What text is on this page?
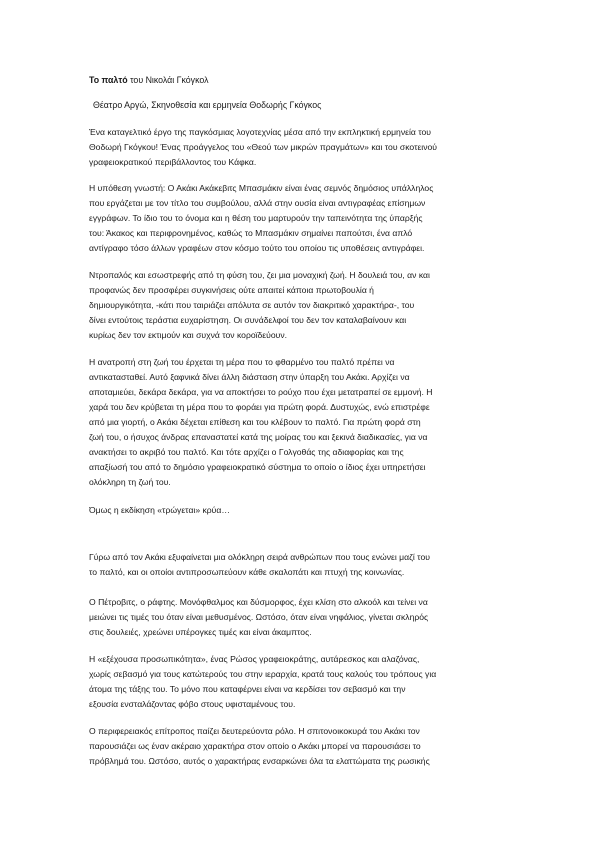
Το παλτό του Νικολάι Γκόγκολ

Θέατρο Αργώ, Σκηνοθεσία και ερμηνεία Θοδωρής Γκόγκος

Ένα καταγελτικό έργο της παγκόσμιας λογοτεχνίας μέσα από την εκπληκτική ερμηνεία του
Θοδωρή Γκόγκου! Ένας προάγγελος του «Θεού των μικρών πραγμάτων» και του σκοτεινού
γραφειοκρατικού περιβάλλοντος του Κάφκα.
Η υπόθεση γνωστή: Ο Ακάκι Ακάκεβιτς Μπασμάκιν είναι ένας σεμνός δημόσιος υπάλληλος
που εργάζεται με τον τίτλο του συμβούλου, αλλά στην ουσία είναι αντιγραφέας επίσημων
εγγράφων. Το ίδιο του το όνομα και η θέση του μαρτυρούν την ταπεινότητα της ύπαρξής
του: Άκακος και περιφρονημένος, καθώς το Μπασμάκιν σημαίνει παπούτσι, ένα απλό
αντίγραφο τόσο άλλων γραφέων στον κόσμο τούτο του οποίου τις υποθέσεις αντιγράφει.
Ντροπαλός και εσωστρεφής από τη φύση του, ζει μια μοναχική ζωή. Η δουλειά του, αν και
προφανώς δεν προσφέρει συγκινήσεις ούτε απαιτεί κάποια πρωτοβουλία ή
δημιουργικότητα, -κάτι που ταιριάζει απόλυτα σε αυτόν τον διακριτικό χαρακτήρα-, του
δίνει εντούτοις τεράστια ευχαρίστηση. Οι συνάδελφοί του δεν τον καταλαβαίνουν και
κυρίως δεν τον εκτιμούν και συχνά τον κοροϊδεύουν.
Η ανατροπή στη ζωή του έρχεται τη μέρα που το φθαρμένο του παλτό πρέπει να
αντικατασταθεί. Αυτό ξαφνικά δίνει άλλη διάσταση στην ύπαρξη του Ακάκι. Αρχίζει να
αποταμιεύει, δεκάρα δεκάρα, για να αποκτήσει το ρούχο που έχει μετατραπεί σε εμμονή. Η
χαρά του δεν κρύβεται τη μέρα που το φοράει για πρώτη φορά. Δυστυχώς, ενώ επιστρέφε
από μια γιορτή, ο Ακάκι δέχεται επίθεση και του κλέβουν το παλτό. Για πρώτη φορά στη
ζωή του, ο ήσυχος άνδρας επαναστατεί κατά της μοίρας του και ξεκινά διαδικασίες, για να
ανακτήσει το ακριβό του παλτό. Και τότε αρχίζει ο Γολγοθάς της αδιαφορίας και της
απαξίωσή του από το δημόσιο γραφειοκρατικό σύστημα το οποίο ο ίδιος έχει υπηρετήσει
ολόκληρη τη ζωή του.
Όμως η εκδίκηση «τρώγεται» κρύα…
Γύρω από τον Ακάκι εξυφαίνεται μια ολόκληρη σειρά ανθρώπων που τους ενώνει μαζί του
το παλτό, και οι οποίοι αντιπροσωπεύουν κάθε σκαλοπάτι και πτυχή της κοινωνίας.
Ο Πέτροβιτς, ο ράφτης. Μονόφθαλμος και δύσμορφος, έχει κλίση στο αλκοόλ και τείνει να
μειώνει τις τιμές του όταν είναι μεθυσμένος. Ωστόσο, όταν είναι νηφάλιος, γίνεται σκληρός
στις δουλειές, χρεώνει υπέρογκες τιμές και είναι άκαμπτος.
Η «εξέχουσα προσωπικότητα», ένας Ρώσος γραφειοκράτης, αυτάρεσκος και αλαζόνας,
χωρίς σεβασμό για τους κατώτερούς του στην ιεραρχία, κρατά τους καλούς του τρόπους για
άτομα της τάξης του. Το μόνο που καταφέρνει είναι να κερδίσει τον σεβασμό και την
εξουσία ενσταλάζοντας φόβο στους υφισταμένους του.
Ο περιφερειακός επίτροπος παίζει δευτερεύοντα ρόλο. Η σπιτονοικοκυρά του Ακάκι τον
παρουσιάζει ως έναν ακέραιο χαρακτήρα στον οποίο ο Ακάκι μπορεί να παρουσιάσει το
πρόβλημά του. Ωστόσο, αυτός ο χαρακτήρας ενσαρκώνει όλα τα ελαττώματα της ρωσικής
